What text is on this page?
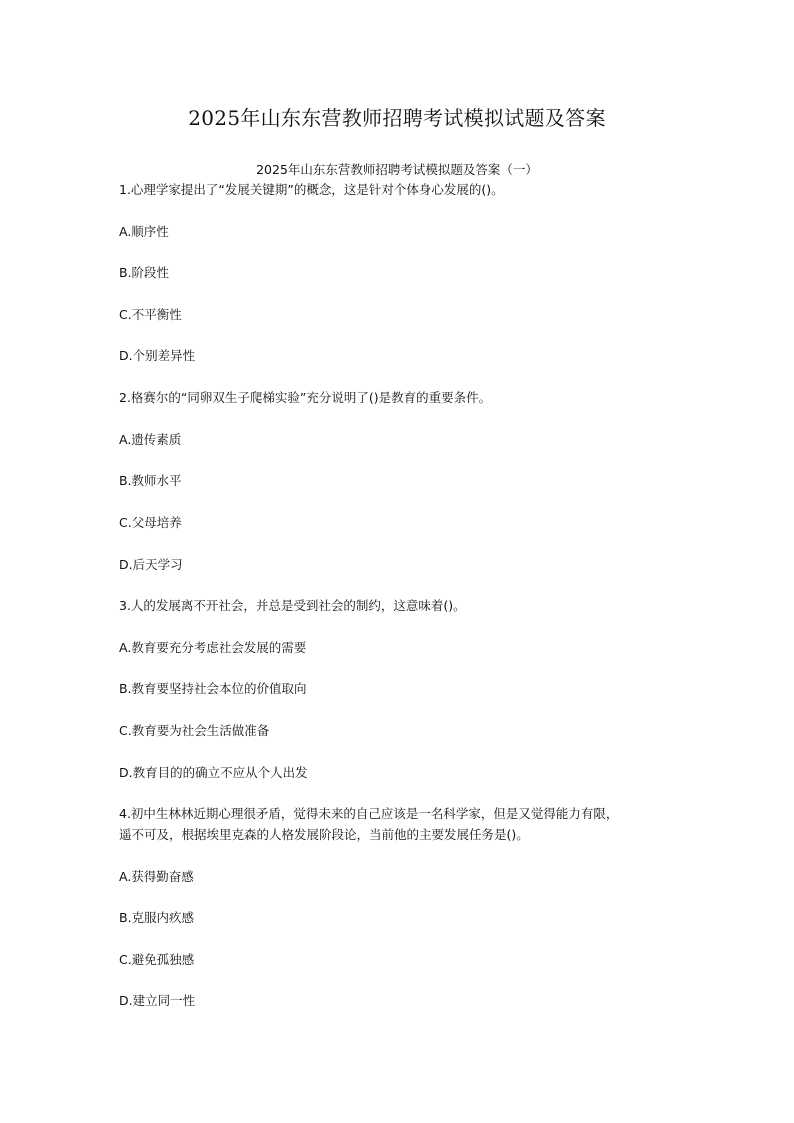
2025年山东东营教师招聘考试模拟试题及答案
2025年山东东营教师招聘考试模拟题及答案（一）
1.心理学家提出了“发展关键期”的概念，这是针对个体身心发展的()。
A.顺序性
B.阶段性
C.不平衡性
D.个别差异性
2.格赛尔的“同卵双生子爬梯实验”充分说明了()是教育的重要条件。
A.遗传素质
B.教师水平
C.父母培养
D.后天学习
3.人的发展离不开社会，并总是受到社会的制约，这意味着()。
A.教育要充分考虑社会发展的需要
B.教育要坚持社会本位的价值取向
C.教育要为社会生活做准备
D.教育目的的确立不应从个人出发
4.初中生林林近期心理很矛盾，觉得未来的自己应该是一名科学家，但是又觉得能力有限，
遥不可及，根据埃里克森的人格发展阶段论，当前他的主要发展任务是()。
A.获得勤奋感
B.克服内疚感
C.避免孤独感
D.建立同一性
